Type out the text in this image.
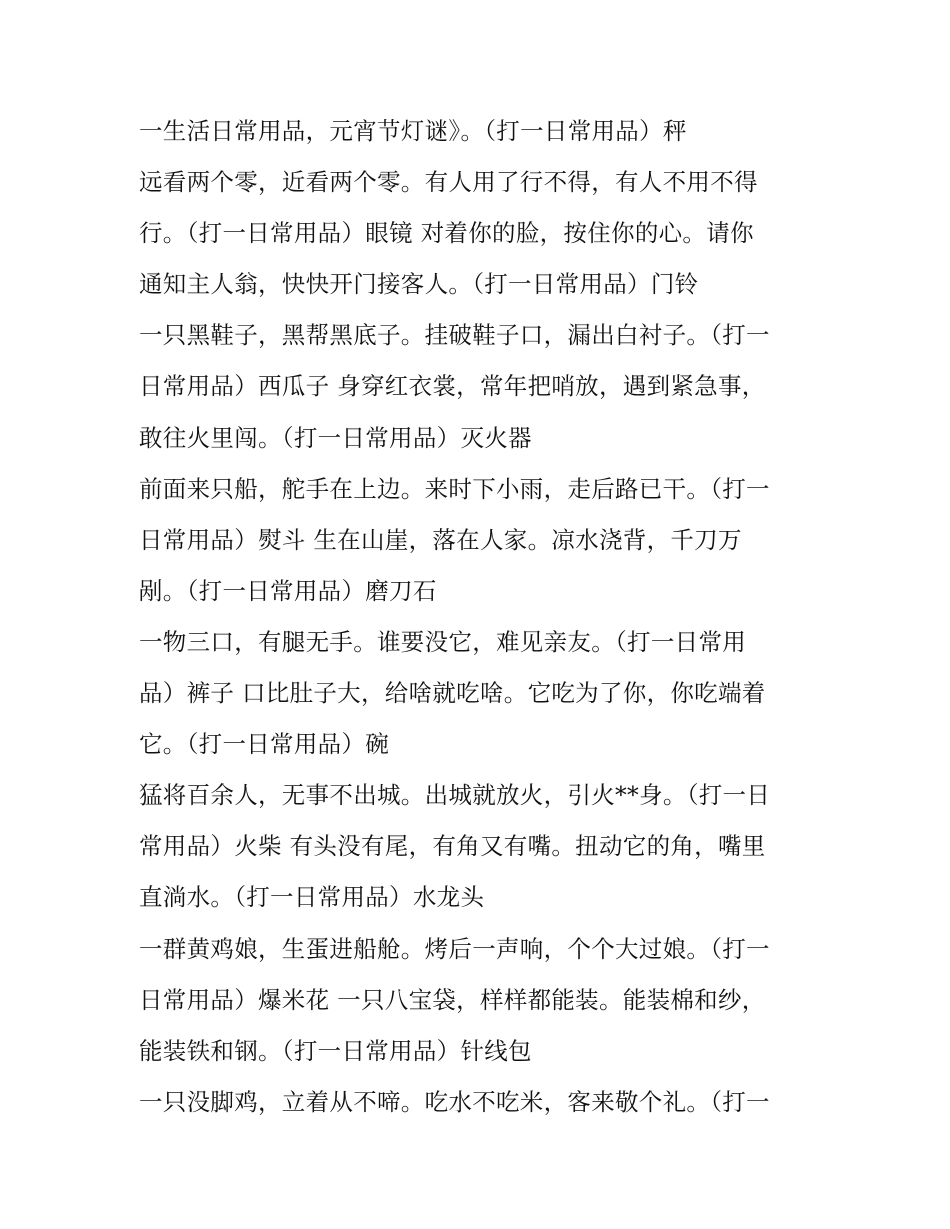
一生活日常用品，元宵节灯谜》。（打一日常用品）秤
远看两个零，近看两个零。有人用了行不得，有人不用不得
行。（打一日常用品）眼镜 对着你的脸，按住你的心。请你
通知主人翁，快快开门接客人。（打一日常用品）门铃
一只黑鞋子，黑帮黑底子。挂破鞋子口，漏出白衬子。（打一
日常用品）西瓜子 身穿红衣裳，常年把哨放，遇到紧急事，
敢往火里闯。（打一日常用品）灭火器
前面来只船，舵手在上边。来时下小雨，走后路已干。（打一
日常用品）熨斗 生在山崖，落在人家。凉水浇背，千刀万
剐。（打一日常用品）磨刀石
一物三口，有腿无手。谁要没它，难见亲友。（打一日常用
品）裤子 口比肚子大，给啥就吃啥。它吃为了你，你吃端着
它。（打一日常用品）碗
猛将百余人，无事不出城。出城就放火，引火**身。（打一日
常用品）火柴 有头没有尾，有角又有嘴。扭动它的角，嘴里
直淌水。（打一日常用品）水龙头
一群黄鸡娘，生蛋进船舱。烤后一声响，个个大过娘。（打一
日常用品）爆米花 一只八宝袋，样样都能装。能装棉和纱，
能装铁和钢。（打一日常用品）针线包
一只没脚鸡，立着从不啼。吃水不吃米，客来敬个礼。（打一
